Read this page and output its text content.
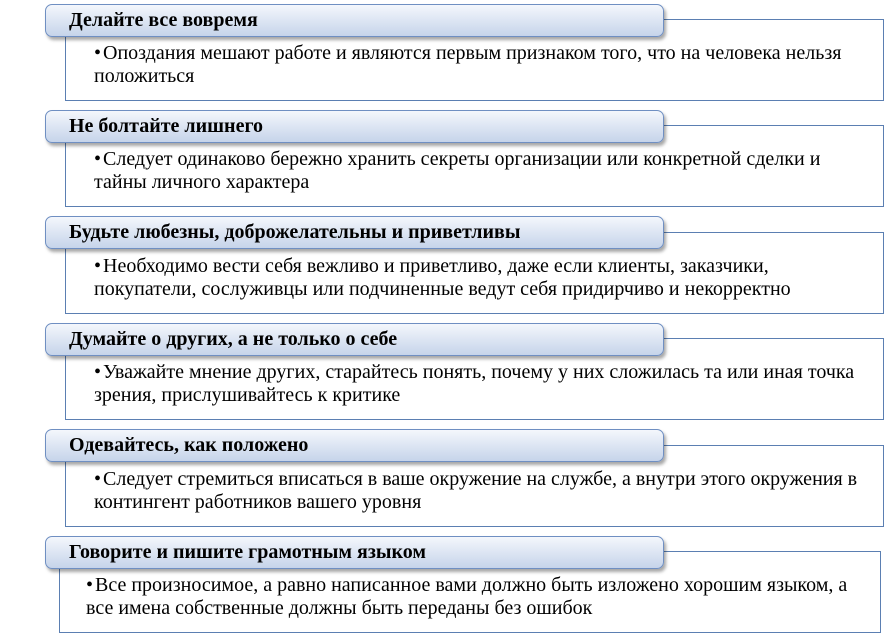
•Опоздания мешают работе и являются первым признаком того, что на человека нельзя положиться
Делайте все вовремя
•Следует одинаково бережно хранить секреты организации или конкретной сделки и тайны личного характера
Не болтайте лишнего
•Необходимо вести себя вежливо и приветливо, даже если клиенты, заказчики, покупатели, сослуживцы или подчиненные ведут себя придирчиво и некорректно
Будьте любезны, доброжелательны и приветливы
•Уважайте мнение других, старайтесь понять, почему у них сложилась та или иная точка зрения, прислушивайтесь к критике
Думайте о других, а не только о себе
•Следует стремиться вписаться в ваше окружение на службе, а внутри этого окружения в контингент работников вашего уровня
Одевайтесь, как положено
•Все произносимое, а равно написанное вами должно быть изложено хорошим языком, а все имена собственные должны быть переданы без ошибок
Говорите и пишите грамотным языком
